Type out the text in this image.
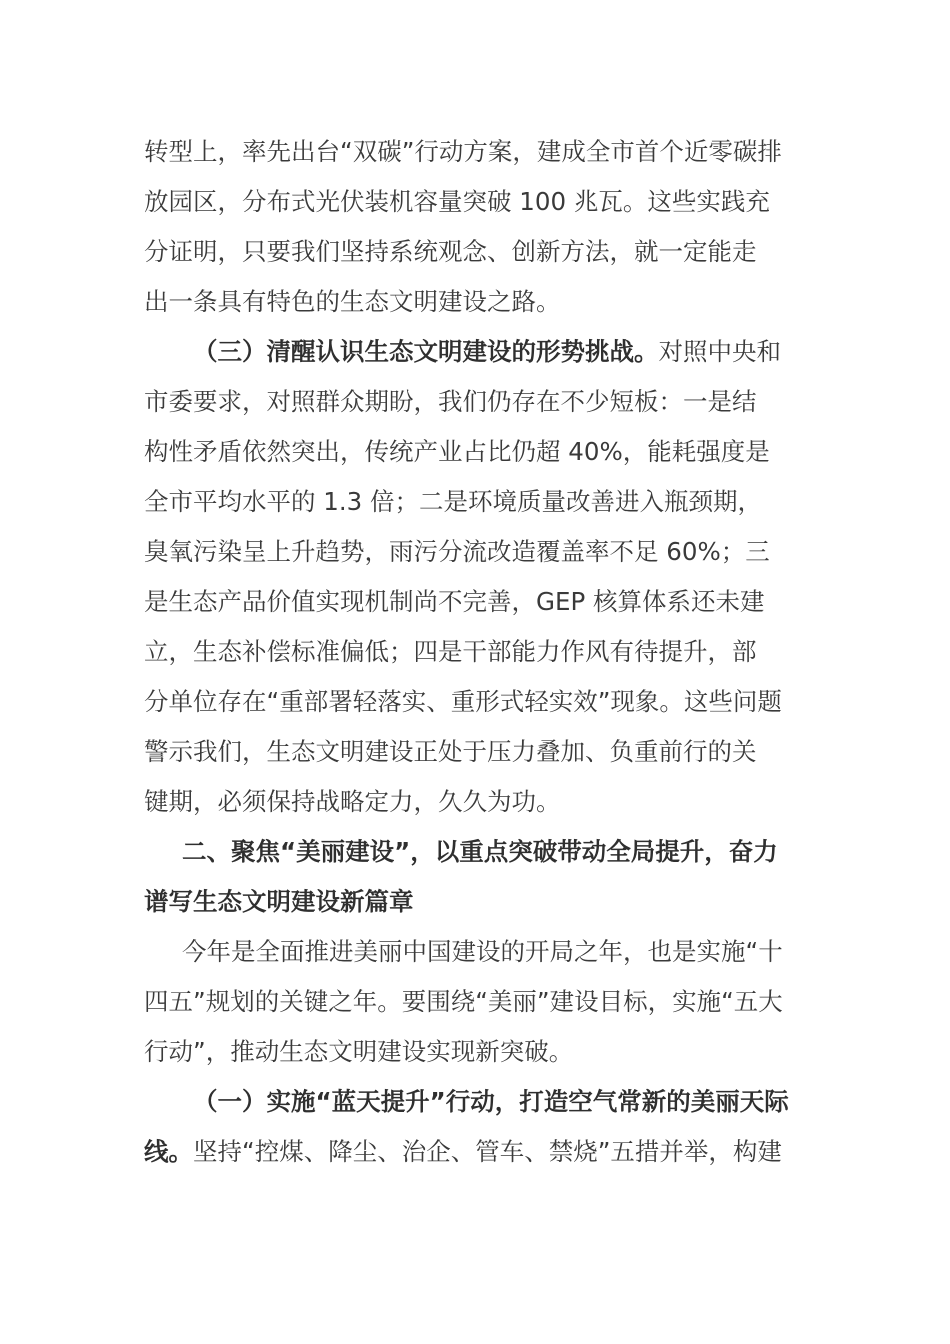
转型上，率先出台“双碳”行动方案，建成全市首个近零碳排
放园区，分布式光伏装机容量突破 100 兆瓦。这些实践充
分证明，只要我们坚持系统观念、创新方法，就一定能走
出一条具有特色的生态文明建设之路。
（三）清醒认识生态文明建设的形势挑战。对照中央和
市委要求，对照群众期盼，我们仍存在不少短板：一是结
构性矛盾依然突出，传统产业占比仍超 40%，能耗强度是
全市平均水平的 1.3 倍；二是环境质量改善进入瓶颈期，
臭氧污染呈上升趋势，雨污分流改造覆盖率不足 60%；三
是生态产品价值实现机制尚不完善，GEP 核算体系还未建
立，生态补偿标准偏低；四是干部能力作风有待提升，部
分单位存在“重部署轻落实、重形式轻实效”现象。这些问题
警示我们，生态文明建设正处于压力叠加、负重前行的关
键期，必须保持战略定力，久久为功。
二、聚焦“美丽建设”，以重点突破带动全局提升，奋力
谱写生态文明建设新篇章
今年是全面推进美丽中国建设的开局之年，也是实施“十
四五”规划的关键之年。要围绕“美丽”建设目标，实施“五大
行动”，推动生态文明建设实现新突破。
（一）实施“蓝天提升”行动，打造空气常新的美丽天际
线。坚持“控煤、降尘、治企、管车、禁烧”五措并举，构建
